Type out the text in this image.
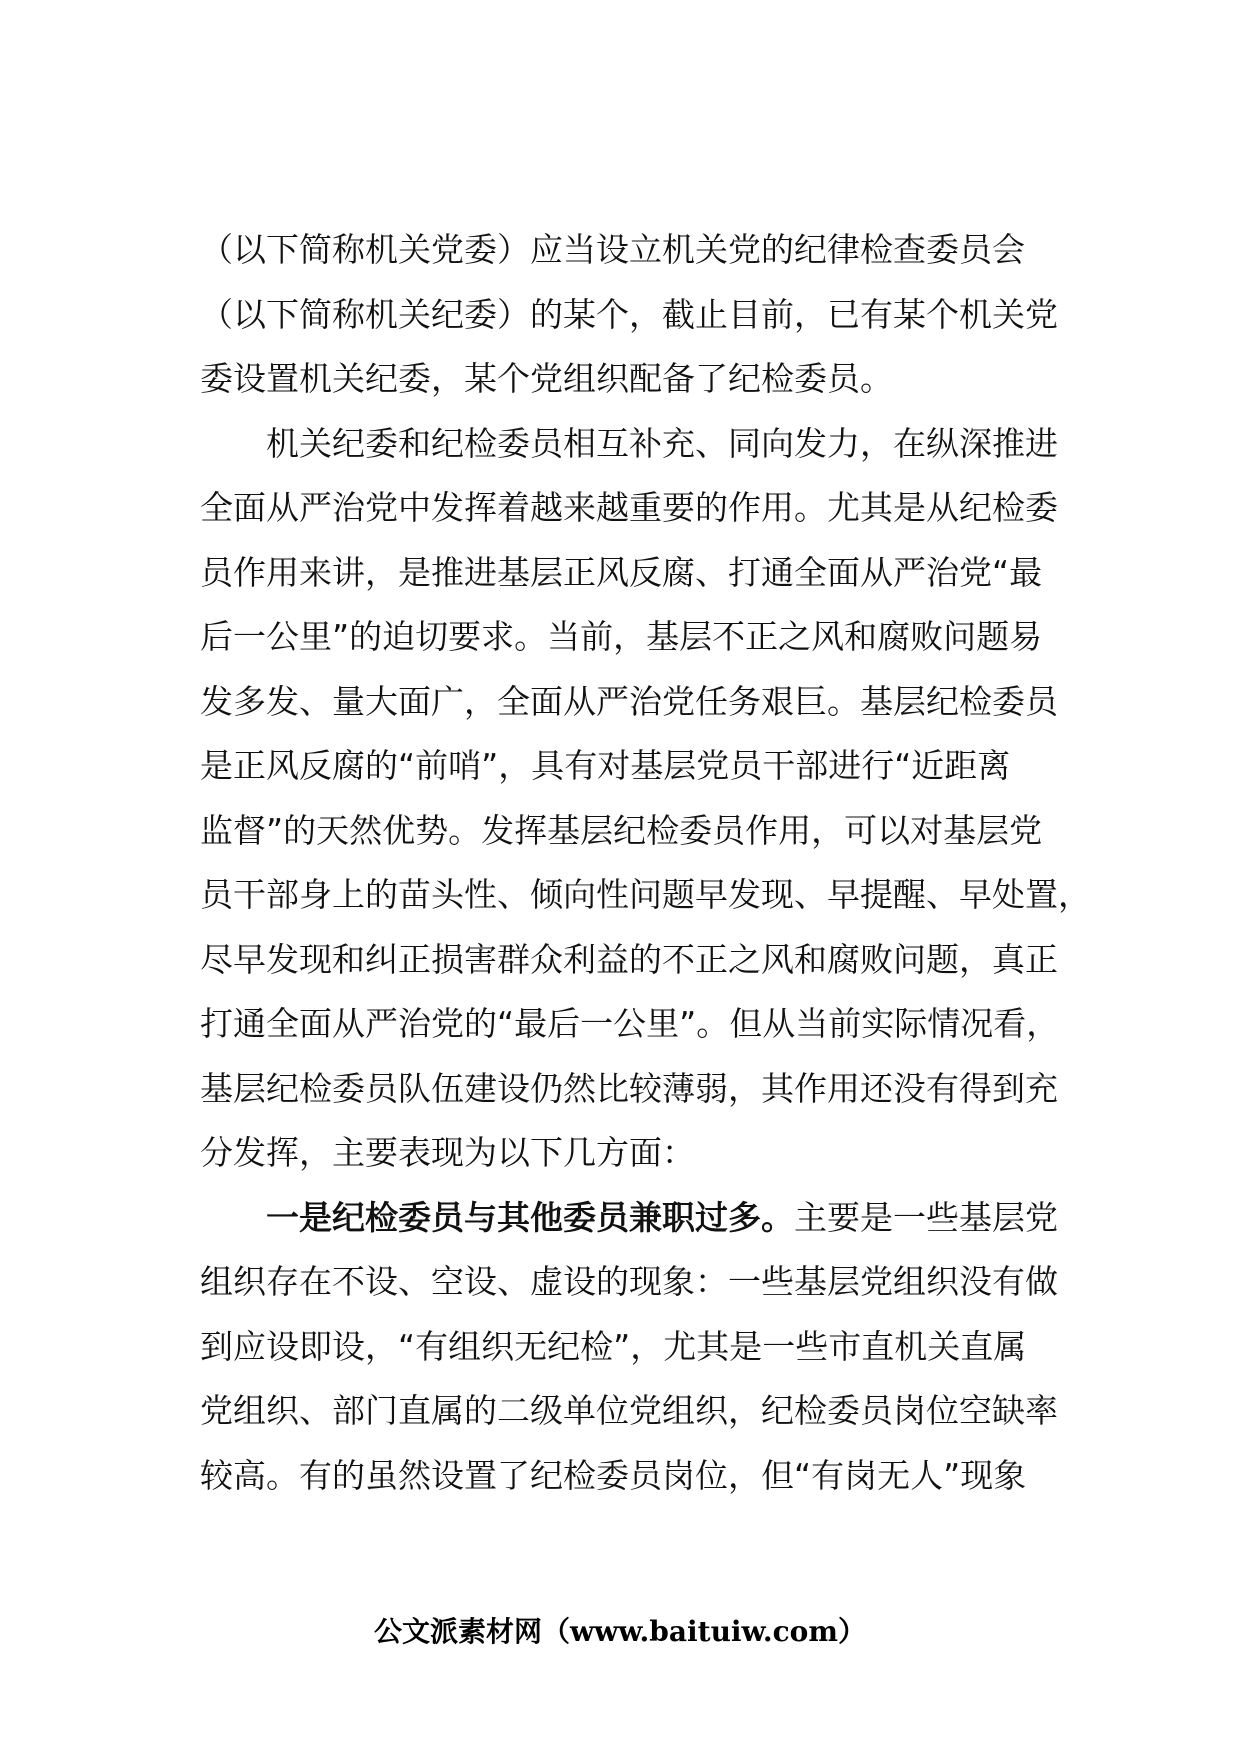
（以下简称机关党委）应当设立机关党的纪律检查委员会
（以下简称机关纪委）的某个，截止目前，已有某个机关党
委设置机关纪委，某个党组织配备了纪检委员。
机关纪委和纪检委员相互补充、同向发力，在纵深推进
全面从严治党中发挥着越来越重要的作用。尤其是从纪检委
员作用来讲，是推进基层正风反腐、打通全面从严治党“最
后一公里”的迫切要求。当前，基层不正之风和腐败问题易
发多发、量大面广，全面从严治党任务艰巨。基层纪检委员
是正风反腐的“前哨”，具有对基层党员干部进行“近距离
监督”的天然优势。发挥基层纪检委员作用，可以对基层党
员干部身上的苗头性、倾向性问题早发现、早提醒、早处置，
尽早发现和纠正损害群众利益的不正之风和腐败问题，真正
打通全面从严治党的“最后一公里”。但从当前实际情况看，
基层纪检委员队伍建设仍然比较薄弱，其作用还没有得到充
分发挥，主要表现为以下几方面：
一是纪检委员与其他委员兼职过多。主要是一些基层党
组织存在不设、空设、虚设的现象：一些基层党组织没有做
到应设即设，“有组织无纪检”，尤其是一些市直机关直属
党组织、部门直属的二级单位党组织，纪检委员岗位空缺率
较高。有的虽然设置了纪检委员岗位，但“有岗无人”现象
公文派素材网（www.baituiw.com）
